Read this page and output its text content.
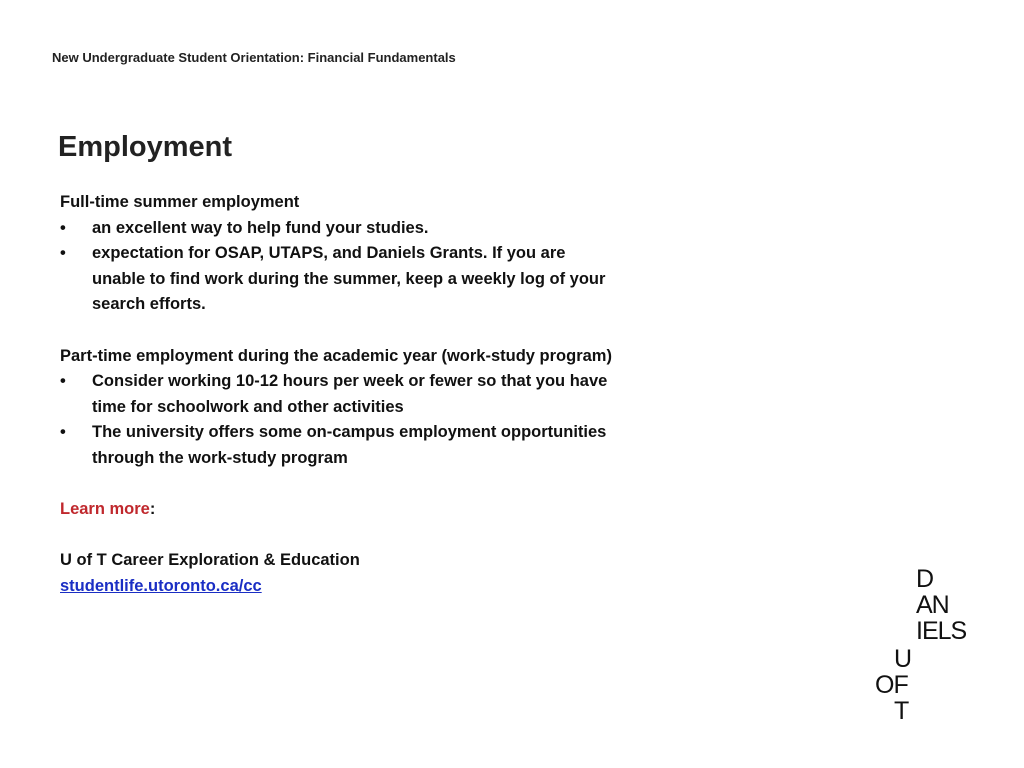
New Undergraduate Student Orientation: Financial Fundamentals
Employment

Full-time summer employment

• an excellent way to help fund your studies.
• expectation for OSAP, UTAPS, and Daniels Grants. If you are unable to find work during the summer, keep a weekly log of your search efforts.

Part-time employment during the academic year (work-study program)

• Consider working 10-12 hours per week or fewer so that you have time for schoolwork and other activities
• The university offers some on-campus employment opportunities through the work-study program

Learn more:

U of T Career Exploration & Education

studentlife.utoronto.ca/cc	D
AN
IELS
U
OF
T
